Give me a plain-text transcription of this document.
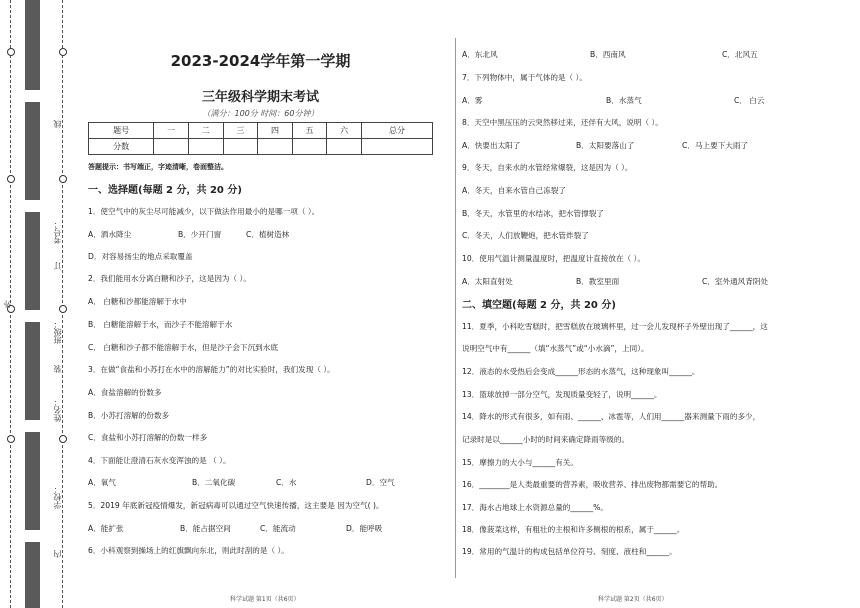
线
考号：
订
班级：
装
姓名：
学校：
外
内
2023-2024学年第一学期
三年级科学期末考试
（满分：100分 时间：60分钟）
题号	一	二	三	四	五	六	总分
分数							
答题提示：书写端正，字迹清晰，卷面整洁。
一、选择题(每题 2 分，共 20 分)
1．使空气中的灰尘尽可能减少，以下做法作用最小的是哪一项（ ）。
A．洒水降尘	B．少开门窗	C．植树造林
D．对容易扬尘的地点采取覆盖
2．我们能用水分离白糖和沙子，这是因为（ ）。
A． 白糖和沙都能溶解于水中
B． 白糖能溶解于水，而沙子不能溶解于水
C． 白糖和沙子都不能溶解于水，但是沙子会下沉到水底
3．在做“食盐和小苏打在水中的溶解能力”的对比实验时，我们发现（ ）。
A．食盐溶解的份数多
B．小苏打溶解的份数多
C．食盐和小苏打溶解的份数一样多
4．下面能让澄清石灰水变浑浊的是 （ ）。
A．氧气	B．二氧化碳	C．水	D．空气
5．2019 年底新冠疫情爆发，新冠病毒可以通过空气快速传播，这主要是 因为空气( )。
A．能扩张	B．能占据空间	C．能流动	D．能呼吸
6．小科观察到操场上的红旗飘向东北，则此时刮的是（ ）。
科学试题 第1页（共6页）
A．东北风	B．西南风	C．北风五
7．下列物体中，属于气体的是（ ）。
A．雾	B．水蒸气	C． 白云
8．天空中黑压压的云突然移过来，还伴有大风，说明（ ）。
A．快要出太阳了	B．太阳要落山了	C．马上要下大雨了
9．冬天，自来水的水管经常爆裂，这是因为（ ）。
A．冬天，自来水管自己冻裂了
B．冬天，水管里的水结冰，把水管撑裂了
C．冬天，人们放鞭炮，把水管炸裂了
10．使用气温计测量温度时，把温度计直接放在（ ）。
A．太阳直射处	B．教室里面	C．室外通风背阴处
二、填空题(每题 2 分，共 20 分)
11．夏季，小科吃雪糕时，把雪糕放在玻璃杯里，过一会儿发现杯子外壁出现了______，这
说明空气中有______（填“水蒸气”或“小水滴”，上同）。
12．液态的水受热后会变成______形态的水蒸气，这种现象叫______。
13．篮球放掉一部分空气，发现质量变轻了，说明______。
14．降水的形式有很多，如有雨、______、冰雹等，人们用______器来测量下雨的多少，
记录时是以______小时的时间来确定降雨等级的。
15．摩擦力的大小与______有关。
16．________是人类最重要的营养素，吸收营养、排出废物都需要它的帮助。
17．海水占地球上水资源总量的______%。
18．像菠菜这样，有粗壮的主根和许多侧根的根系，属于______。
19．常用的气温计的构成包括单位符号、刻度、液柱和______。
科学试题 第2页（共6页）
